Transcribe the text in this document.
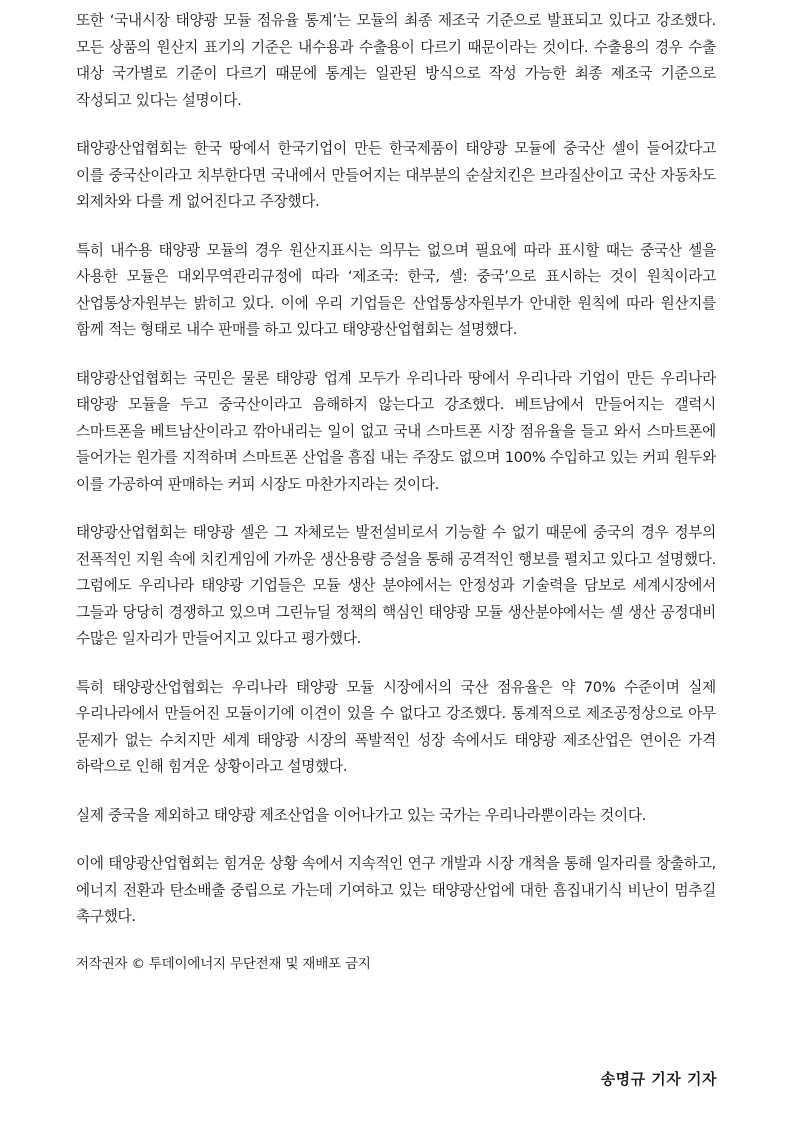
또한 ‘국내시장 태양광 모듈 점유율 통계’는 모듈의 최종 제조국 기준으로 발표되고 있다고 강조했다. 모든 상품의 원산지 표기의 기준은 내수용과 수출용이 다르기 때문이라는 것이다. 수출용의 경우 수출 대상 국가별로 기준이 다르기 때문에 통계는 일관된 방식으로 작성 가능한 최종 제조국 기준으로 작성되고 있다는 설명이다.

태양광산업협회는 한국 땅에서 한국기업이 만든 한국제품이 태양광 모듈에 중국산 셀이 들어갔다고 이를 중국산이라고 치부한다면 국내에서 만들어지는 대부분의 순살치킨은 브라질산이고 국산 자동차도 외제차와 다를 게 없어진다고 주장했다.

특히 내수용 태양광 모듈의 경우 원산지표시는 의무는 없으며 필요에 따라 표시할 때는 중국산 셀을 사용한 모듈은 대외무역관리규정에 따라 ‘제조국: 한국, 셀: 중국’으로 표시하는 것이 원칙이라고 산업통상자원부는 밝히고 있다. 이에 우리 기업들은 산업통상자원부가 안내한 원칙에 따라 원산지를 함께 적는 형태로 내수 판매를 하고 있다고 태양광산업협회는 설명했다.

태양광산업협회는 국민은 물론 태양광 업계 모두가 우리나라 땅에서 우리나라 기업이 만든 우리나라 태양광 모듈을 두고 중국산이라고 음해하지 않는다고 강조했다. 베트남에서 만들어지는 갤럭시 스마트폰을 베트남산이라고 깎아내리는 일이 없고 국내 스마트폰 시장 점유율을 들고 와서 스마트폰에 들어가는 원가를 지적하며 스마트폰 산업을 흠집 내는 주장도 없으며 100% 수입하고 있는 커피 원두와 이를 가공하여 판매하는 커피 시장도 마찬가지라는 것이다.

태양광산업협회는 태양광 셀은 그 자체로는 발전설비로서 기능할 수 없기 때문에 중국의 경우 정부의 전폭적인 지원 속에 치킨게임에 가까운 생산용량 증설을 통해 공격적인 행보를 펼치고 있다고 설명했다. 그럼에도 우리나라 태양광 기업들은 모듈 생산 분야에서는 안정성과 기술력을 담보로 세계시장에서 그들과 당당히 경쟁하고 있으며 그린뉴딜 정책의 핵심인 태양광 모듈 생산분야에서는 셀 생산 공정대비 수많은 일자리가 만들어지고 있다고 평가했다.

특히 태양광산업협회는 우리나라 태양광 모듈 시장에서의 국산 점유율은 약 70% 수준이며 실제 우리나라에서 만들어진 모듈이기에 이견이 있을 수 없다고 강조했다. 통계적으로 제조공정상으로 아무 문제가 없는 수치지만 세계 태양광 시장의 폭발적인 성장 속에서도 태양광 제조산업은 연이은 가격 하락으로 인해 힘겨운 상황이라고 설명했다.

실제 중국을 제외하고 태양광 제조산업을 이어나가고 있는 국가는 우리나라뿐이라는 것이다.

이에 태양광산업협회는 힘겨운 상황 속에서 지속적인 연구 개발과 시장 개척을 통해 일자리를 창출하고, 에너지 전환과 탄소배출 중립으로 가는데 기여하고 있는 태양광산업에 대한 흠집내기식 비난이 멈추길 촉구했다.

저작권자 © 투데이에너지 무단전재 및 재배포 금지

송명규 기자 기자
